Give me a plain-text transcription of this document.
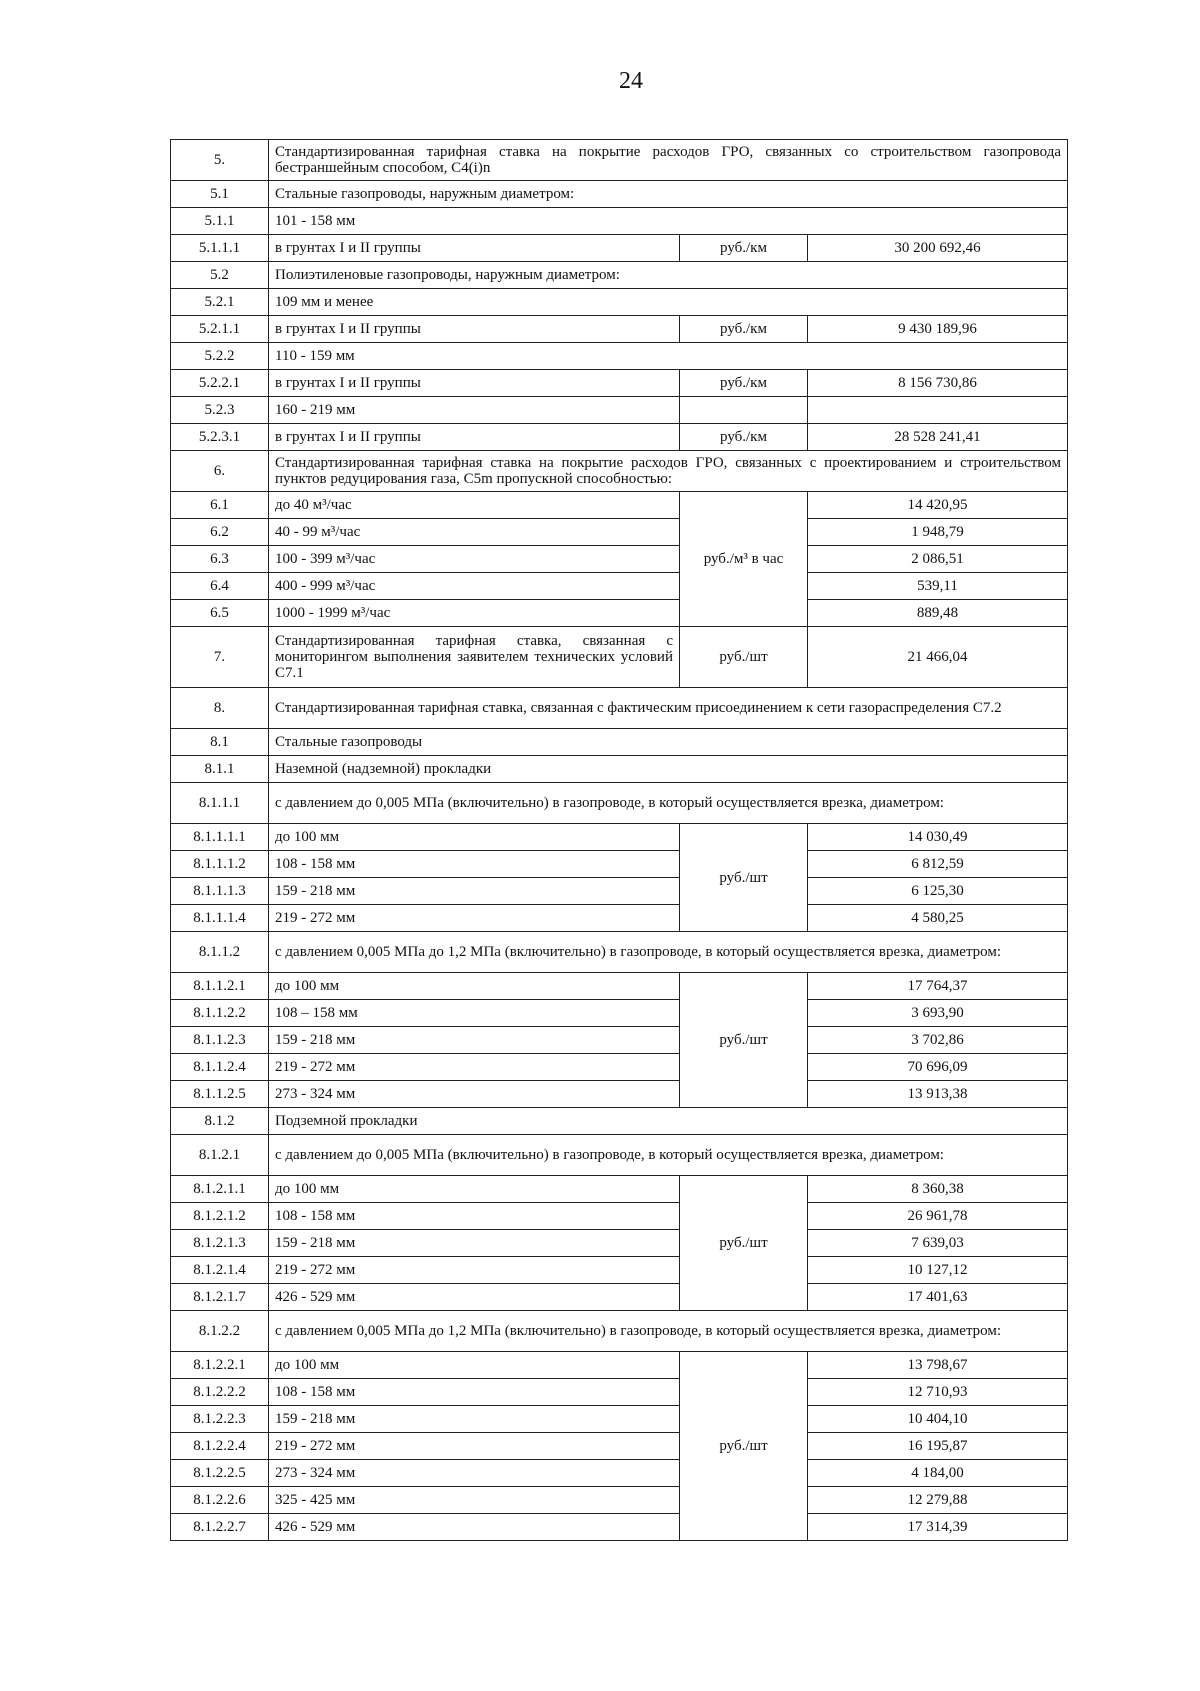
24
5.	Стандартизированная тарифная ставка на покрытие расходов ГРО, связанных со строительством газопровода бестраншейным способом, C4(i)n		
5.1	Стальные газопроводы, наружным диаметром:		
5.1.1	101 - 158 мм		
5.1.1.1	в грунтах I и II группы	руб./км	30 200 692,46
5.2	Полиэтиленовые газопроводы, наружным диаметром:		
5.2.1	109 мм и менее		
5.2.1.1	в грунтах I и II группы	руб./км	9 430 189,96
5.2.2	110 - 159 мм		
5.2.2.1	в грунтах I и II группы	руб./км	8 156 730,86
5.2.3	160 - 219 мм		
5.2.3.1	в грунтах I и II группы	руб./км	28 528 241,41
6.	Стандартизированная тарифная ставка на покрытие расходов ГРО, связанных с проектированием и строительством пунктов редуцирования газа, C5m пропускной способностью:		
6.1	до 40 м³/час	руб./м³ в час	14 420,95
6.2	40 - 99 м³/час		1 948,79
6.3	100 - 399 м³/час		2 086,51
6.4	400 - 999 м³/час		539,11
6.5	1000 - 1999 м³/час		889,48
7.	Стандартизированная тарифная ставка, связанная с мониторингом выполнения заявителем технических условий C7.1	руб./шт	21 466,04
8.	Стандартизированная тарифная ставка, связанная с фактическим присоединением к сети газораспределения C7.2		
8.1	Стальные газопроводы		
8.1.1	Наземной (надземной) прокладки		
8.1.1.1	с давлением до 0,005 МПа (включительно) в газопроводе, в который осуществляется врезка, диаметром:		
8.1.1.1.1	до 100 мм	руб./шт	14 030,49
8.1.1.1.2	108 - 158 мм		6 812,59
8.1.1.1.3	159 - 218 мм		6 125,30
8.1.1.1.4	219 - 272 мм		4 580,25
8.1.1.2	с давлением 0,005 МПа до 1,2 МПа (включительно) в газопроводе, в который осуществляется врезка, диаметром:		
8.1.1.2.1	до 100 мм	руб./шт	17 764,37
8.1.1.2.2	108 – 158 мм		3 693,90
8.1.1.2.3	159 - 218 мм		3 702,86
8.1.1.2.4	219 - 272 мм		70 696,09
8.1.1.2.5	273 - 324 мм		13 913,38
8.1.2	Подземной прокладки		
8.1.2.1	с давлением до 0,005 МПа (включительно) в газопроводе, в который осуществляется врезка, диаметром:		
8.1.2.1.1	до 100 мм	руб./шт	8 360,38
8.1.2.1.2	108 - 158 мм		26 961,78
8.1.2.1.3	159 - 218 мм		7 639,03
8.1.2.1.4	219 - 272 мм		10 127,12
8.1.2.1.7	426 - 529 мм		17 401,63
8.1.2.2	с давлением 0,005 МПа до 1,2 МПа (включительно) в газопроводе, в который осуществляется врезка, диаметром:		
8.1.2.2.1	до 100 мм	руб./шт	13 798,67
8.1.2.2.2	108 - 158 мм		12 710,93
8.1.2.2.3	159 - 218 мм		10 404,10
8.1.2.2.4	219 - 272 мм		16 195,87
8.1.2.2.5	273 - 324 мм		4 184,00
8.1.2.2.6	325 - 425 мм		12 279,88
8.1.2.2.7	426 - 529 мм		17 314,39
